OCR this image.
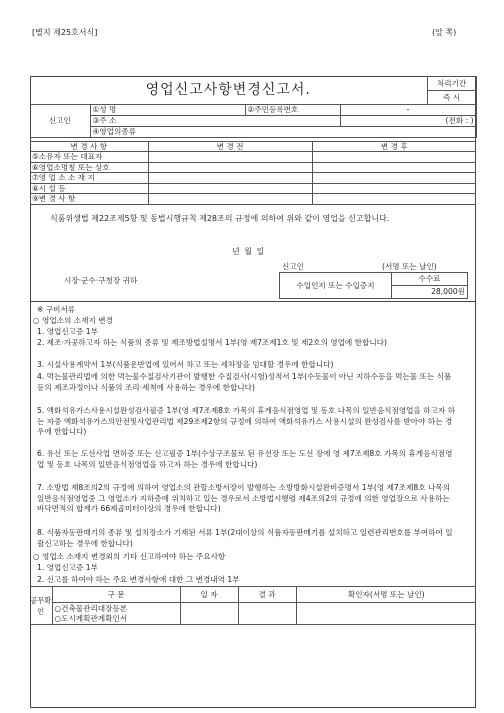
[별지 제25호서식]	(앞 쪽)
영업신고사항변경신고서.				처리기간
				즉 시
신고인	①성 명	②주민등록번호	-	
	③주 소		(전화 : )	
	④영업의종류			
변 경 사 항	변 경 전	변 경 후
⑤소유자 또는 대표자		
⑥영업소명칭 또는 상호		
⑦영 업 소 소 재 지		
⑧시 설 등		
⑨변 경 사 항		
식품위생법 제22조제5항 및 동법시행규칙 제28조의 규정에 의하여 위와 같이 영업을 신고합니다.
년 월 일
신고인	(서명 또는 날인)
시장·군수·구청장 귀하
수입인지 또는 수입증지	수수료
28,000원
※ 구비서류
○ 영업소의 소재지 변경
1. 영업신고증 1부
2. 제조·가공하고자 하는 식품의 종류 및 제조방법설명서 1부(영 제7조제1호 및 제2호의 영업에 한합니다)
3. 시설사용계약서 1부(식품운반업에 있어서 차고 또는 세차장을 임대할 경우에 한합니다)
4. 먹는물관리법에 의한 먹는물수질검사기관이 발행한 수질검사(시험)성적서 1부(수돗물이 아닌 지하수등을 먹는물 또는 식품등의 제조과정이나 식품의 조리·세척에 사용하는 경우에 한합니다)
5. 액화석유가스사용시설완성검사필증 1부(영 제7조제8호 가목의 휴게음식점영업 및 동호 나목의 일반음식점영업을 하고자 하는 자중 액화석유가스의안전및사업관리법 제29조제2항의 규정에 의하여 액화석유가스 사용시설의 완성검사를 받아야 하는 경우에 한합니다)
6. 유선 또는 도선사업 면허증 또는 신고필증 1부(수상구조물로 된 유선장 또는 도선 장에 영 제7조제8호 가목의 휴게음식점영업 및 동호 나목의 일반음식점영업을 하고자 하는 경우에 한합니다)
7. 소방법 제8조의2의 규정에 의하여 영업소의 관할소방서장이 발행하는 소방방화시설완비증명서 1부(영 제7조제8호 나목의 일반음식점영업중 그 영업소가 지하층에 위치하고 있는 경우로서 소방법시행령 제4조의2의 규정에 의한 영업장으로 사용하는 바닥면적의 합계가 66제곱미터이상의 경우에 한합니다)
8. 식품자동판매기의 종류 및 설치장소가 기재된 서류 1부(2대이상의 식품자동판매기를 설치하고 일련관리번호를 부여하여 일괄신고하는 경우에 한합니다)
○ 영업소 소재지 변경외의 기타 신고하여야 하는 주요사항
1. 영업신고증 1부
2. 신고를 하여야 하는 주요 변경사항에 대한 그 변경내역 1부
공무확인	구 문	일 자	결 과	확인자(서명 또는 날인)
	○건축물관리대장등본			
	○도시계획관계확인서			
